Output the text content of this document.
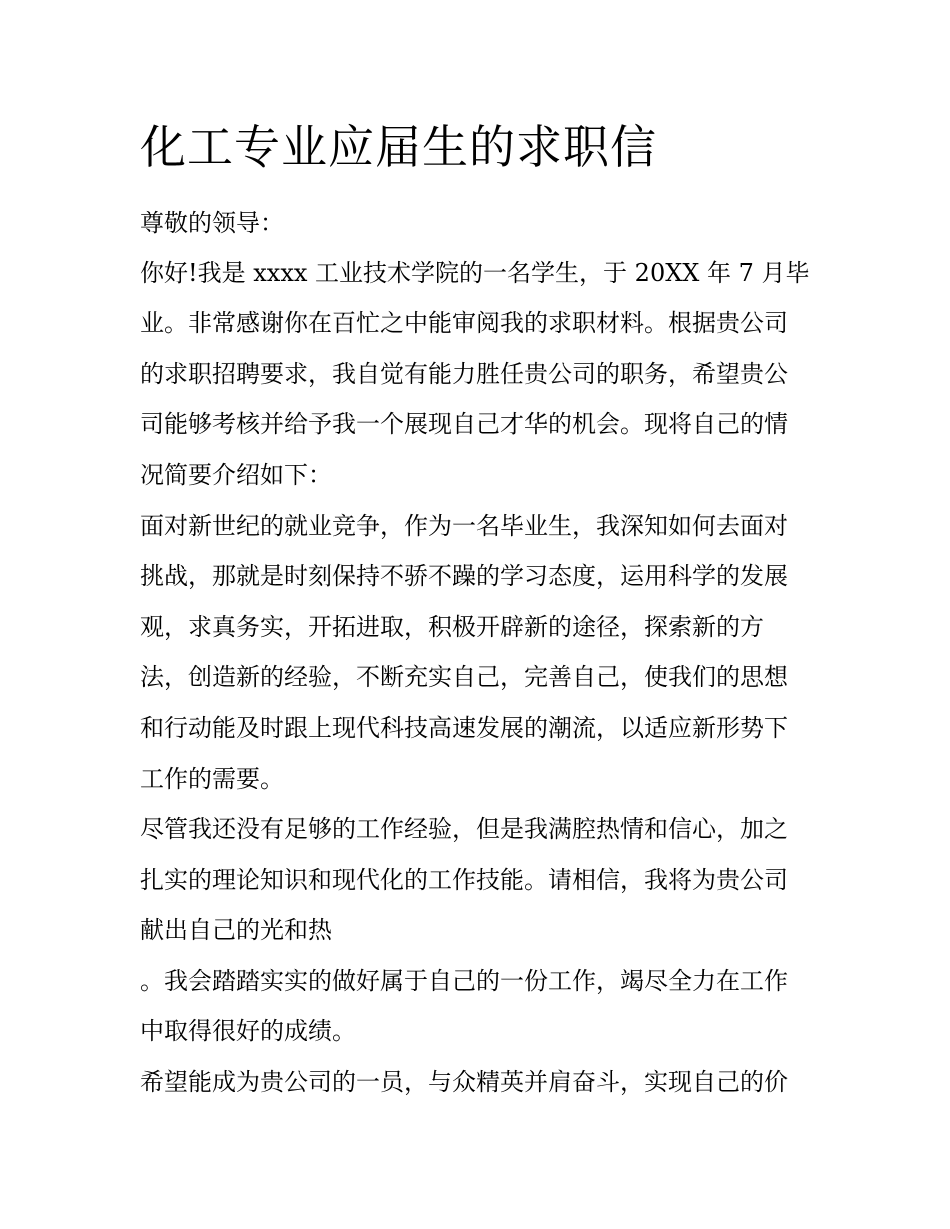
化工专业应届生的求职信
尊敬的领导：
你好!我是 xxxx 工业技术学院的一名学生，于 20XX 年 7 月毕
业。非常感谢你在百忙之中能审阅我的求职材料。根据贵公司
的求职招聘要求，我自觉有能力胜任贵公司的职务，希望贵公
司能够考核并给予我一个展现自己才华的机会。现将自己的情
况简要介绍如下：
面对新世纪的就业竞争，作为一名毕业生，我深知如何去面对
挑战，那就是时刻保持不骄不躁的学习态度，运用科学的发展
观，求真务实，开拓进取，积极开辟新的途径，探索新的方
法，创造新的经验，不断充实自己，完善自己，使我们的思想
和行动能及时跟上现代科技高速发展的潮流，以适应新形势下
工作的需要。
尽管我还没有足够的工作经验，但是我满腔热情和信心，加之
扎实的理论知识和现代化的工作技能。请相信，我将为贵公司
献出自己的光和热
。我会踏踏实实的做好属于自己的一份工作，竭尽全力在工作
中取得很好的成绩。
希望能成为贵公司的一员，与众精英并肩奋斗，实现自己的价
